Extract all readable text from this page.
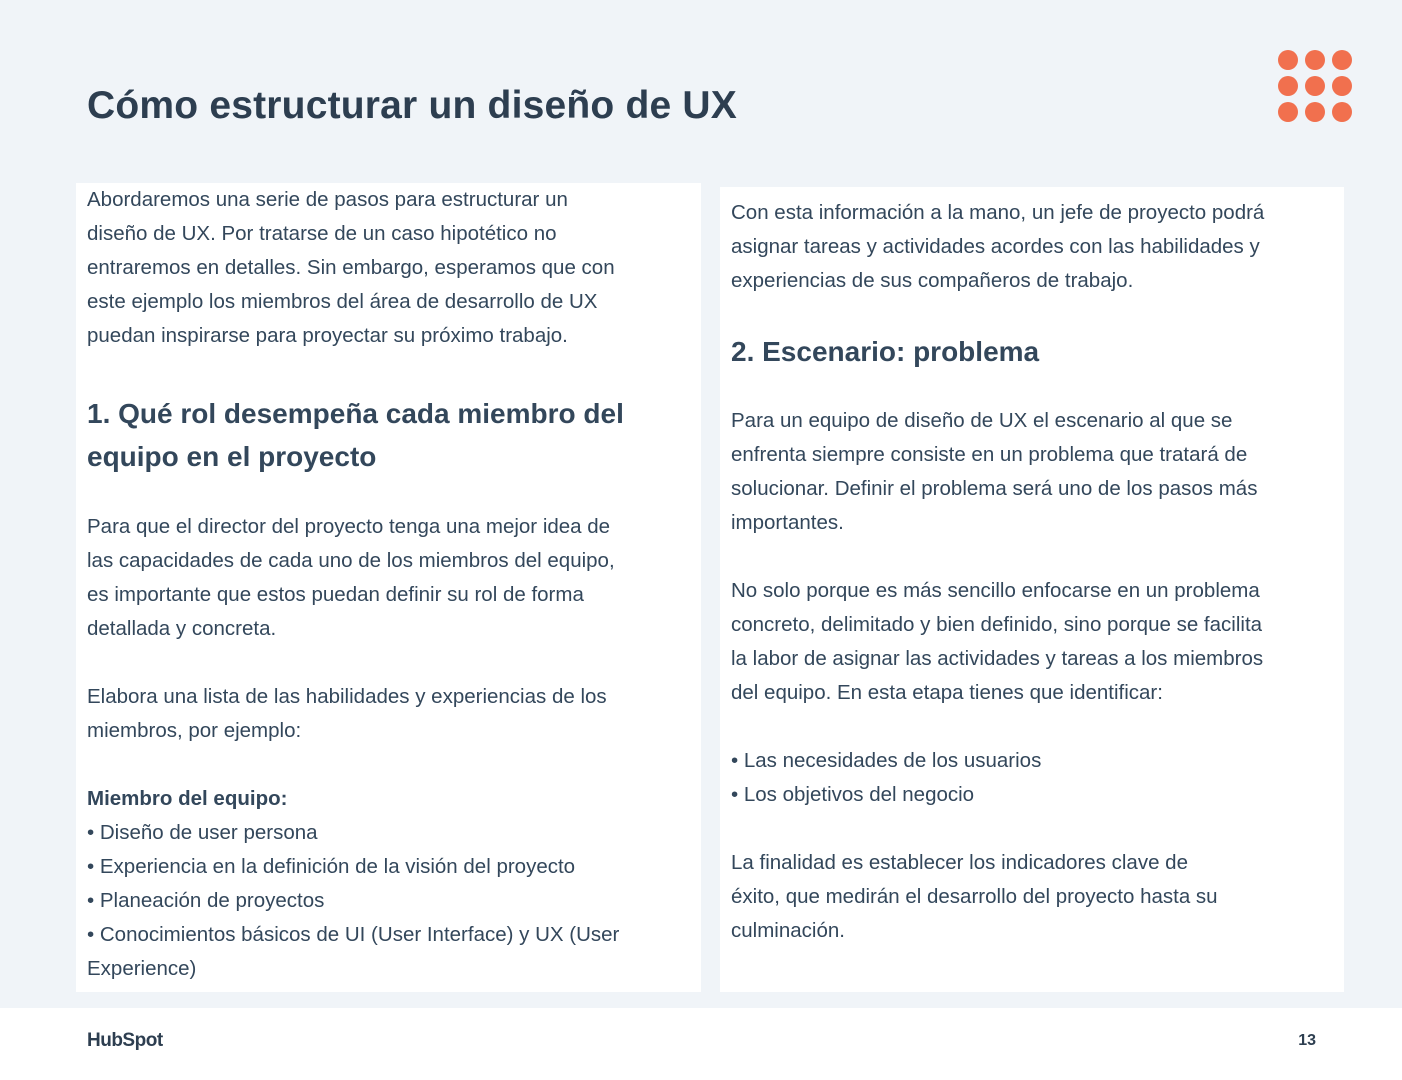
Cómo estructurar un diseño de UX

Abordaremos una serie de pasos para estructurar un

diseño de UX. Por tratarse de un caso hipotético no

entraremos en detalles. Sin embargo, esperamos que con

este ejemplo los miembros del área de desarrollo de UX

puedan inspirarse para proyectar su próximo trabajo.

1. Qué rol desempeña cada miembro del
equipo en el proyecto

Para que el director del proyecto tenga una mejor idea de

las capacidades de cada uno de los miembros del equipo,

es importante que estos puedan definir su rol de forma

detallada y concreta.

Elabora una lista de las habilidades y experiencias de los

miembros, por ejemplo:

Miembro del equipo:

• Diseño de user persona

• Experiencia en la definición de la visión del proyecto

• Planeación de proyectos

• Conocimientos básicos de UI (User Interface) y UX (User

Experience)

Con esta información a la mano, un jefe de proyecto podrá

asignar tareas y actividades acordes con las habilidades y

experiencias de sus compañeros de trabajo.

2. Escenario: problema

Para un equipo de diseño de UX el escenario al que se

enfrenta siempre consiste en un problema que tratará de

solucionar. Definir el problema será uno de los pasos más

importantes.

No solo porque es más sencillo enfocarse en un problema

concreto, delimitado y bien definido, sino porque se facilita

la labor de asignar las actividades y tareas a los miembros

del equipo. En esta etapa tienes que identificar:

• Las necesidades de los usuarios

• Los objetivos del negocio

La finalidad es establecer los indicadores clave de

éxito, que medirán el desarrollo del proyecto hasta su

culminación.

HubSpot	13
